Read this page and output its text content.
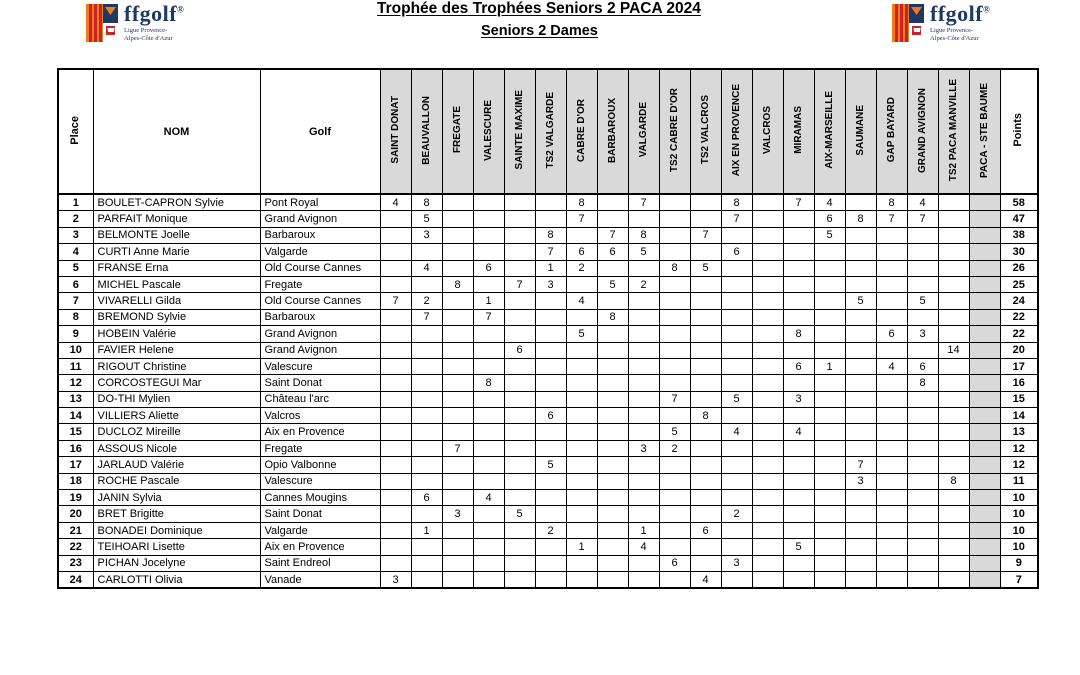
ffgolf®
Ligue Provence-
Alpes-Côte d'Azur
ffgolf®
Ligue Provence-
Alpes-Côte d'Azur
Trophée des Trophées Seniors 2 PACA 2024
Seniors 2 Dames
Place	NOM	Golf	SAINT DONAT	BEAUVALLON	FREGATE	VALESCURE	SAINTE MAXIME	TS2 VALGARDE	CABRE D'OR	BARBAROUX	VALGARDE	TS2 CABRE D'OR	TS2 VALCROS	AIX EN PROVENCE	VALCROS	MIRAMAS	AIX-MARSEILLE	SAUMANE	GAP BAYARD	GRAND AVIGNON	TS2 PACA MANVILLE	PACA - STE BAUME	Points
1	BOULET-CAPRON Sylvie	Pont Royal	4	8					8		7			8		7	4		8	4			58
2	PARFAIT Monique	Grand Avignon		5					7					7			6	8	7	7			47
3	BELMONTE Joelle	Barbaroux		3				8		7	8		7				5						38
4	CURTI Anne Marie	Valgarde						7	6	6	5			6									30
5	FRANSE Erna	Old Course Cannes		4		6		1	2			8	5										26
6	MICHEL Pascale	Fregate			8		7	3		5	2												25
7	VIVARELLI Gilda	Old Course Cannes	7	2		1			4									5		5			24
8	BREMOND Sylvie	Barbaroux		7		7				8													22
9	HOBEIN Valérie	Grand Avignon							5							8			6	3			22
10	FAVIER Helene	Grand Avignon					6														14		20
11	RIGOUT Christine	Valescure														6	1		4	6			17
12	CORCOSTEGUI Mar	Saint Donat				8														8			16
13	DO-THI Mylien	Château l'arc										7		5		3							15
14	VILLIERS Aliette	Valcros						6					8										14
15	DUCLOZ Mireille	Aix en Provence										5		4		4							13
16	ASSOUS Nicole	Fregate			7						3	2											12
17	JARLAUD Valérie	Opio Valbonne						5										7					12
18	ROCHE Pascale	Valescure																3			8		11
19	JANIN Sylvia	Cannes Mougins		6		4																	10
20	BRET Brigitte	Saint Donat			3		5							2									10
21	BONADEI Dominique	Valgarde		1				2			1		6										10
22	TEIHOARI Lisette	Aix en Provence							1		4					5							10
23	PICHAN Jocelyne	Saint Endreol										6		3									9
24	CARLOTTI Olivia	Vanade	3										4										7
